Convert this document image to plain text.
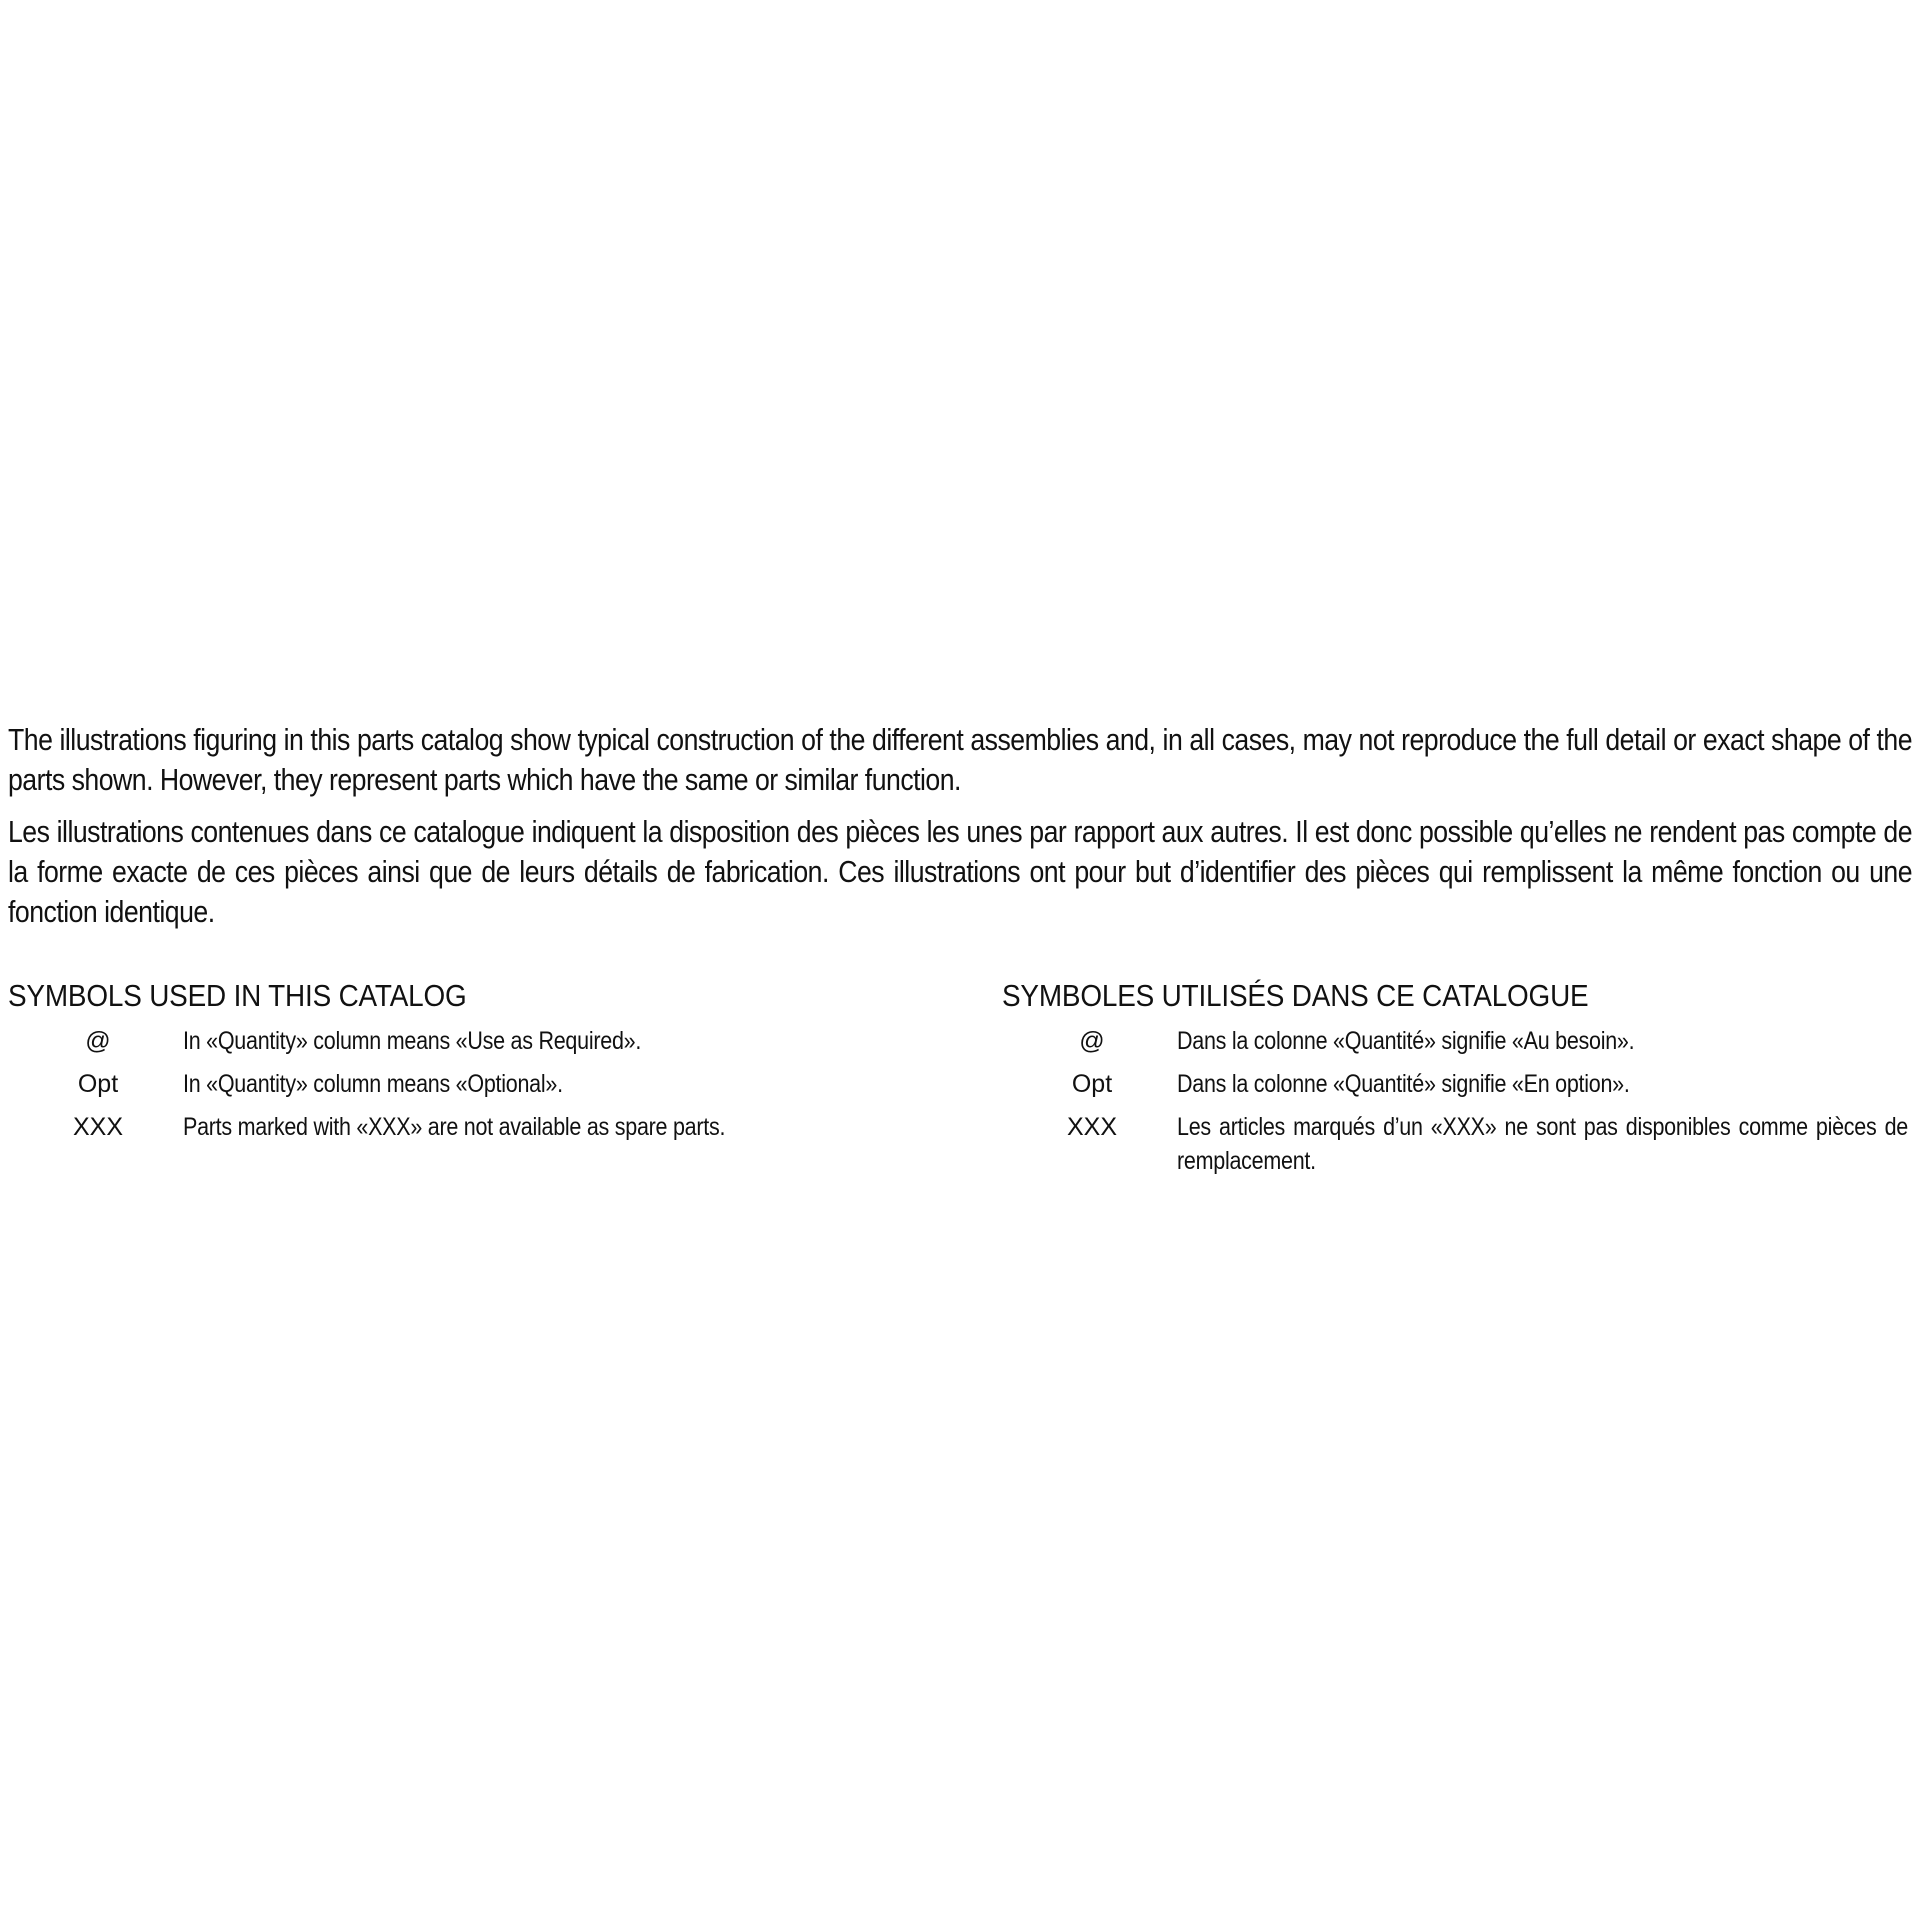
The illustrations figuring in this parts catalog show typical construction of the different assemblies and, in all cases, may not reproduce the full detail or exact shape of the parts shown. However, they represent parts which have the same or similar function.

Les illustrations contenues dans ce catalogue indiquent la disposition des pièces les unes par rapport aux autres. Il est donc possible qu’elles ne rendent pas compte de la forme exacte de ces pièces ainsi que de leurs détails de fabrication. Ces illustrations ont pour but d’identifier des pièces qui remplissent la même fonction ou une fonction identique.

SYMBOLS USED IN THIS CATALOG
@	In «Quantity» column means «Use as Required».
Opt	In «Quantity» column means «Optional».
XXX	Parts marked with «XXX» are not available as spare parts.
SYMBOLES UTILISÉS DANS CE CATALOGUE
@	Dans la colonne «Quantité» signifie «Au besoin».
Opt	Dans la colonne «Quantité» signifie «En option».
XXX	Les articles marqués d’un «XXX» ne sont pas disponibles comme pièces de remplacement.
